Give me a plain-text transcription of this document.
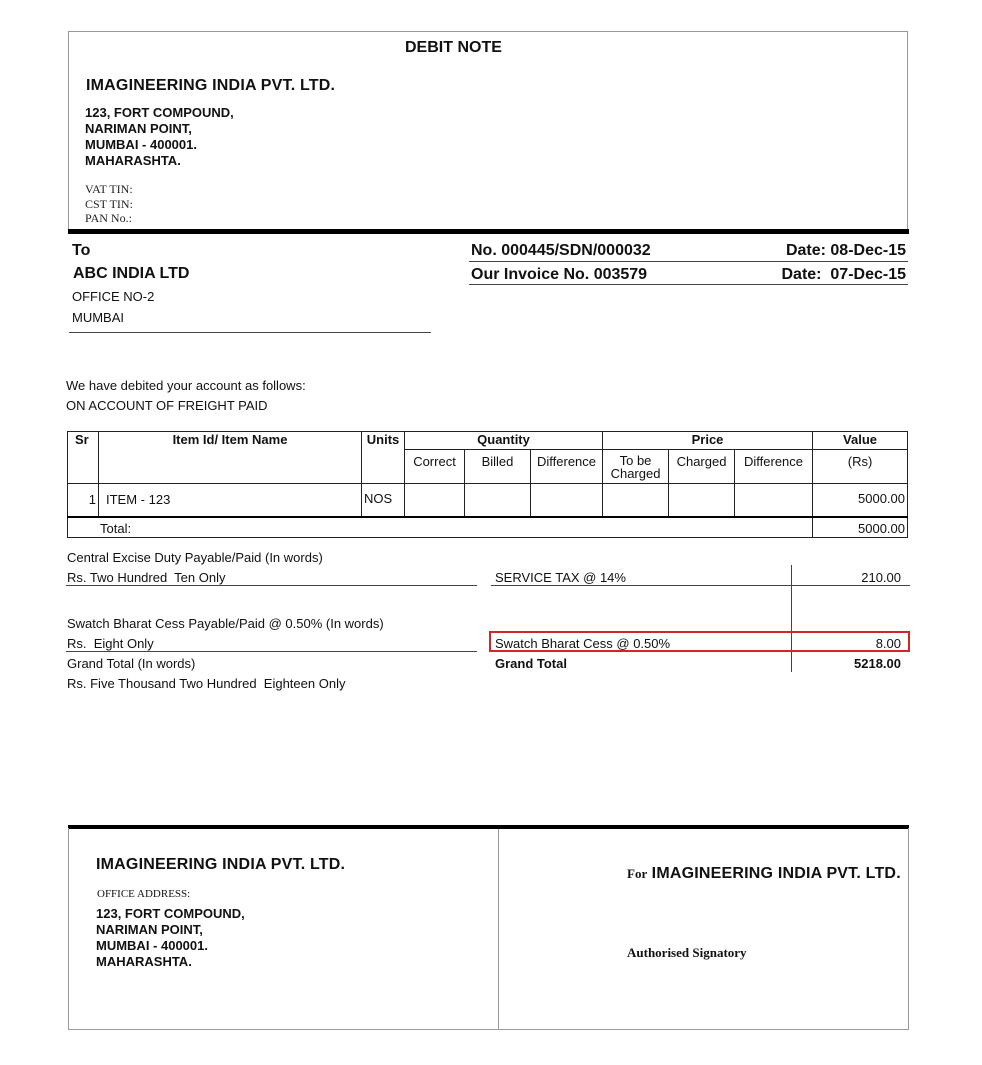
DEBIT NOTE
IMAGINEERING INDIA PVT. LTD.
123, FORT COMPOUND,
NARIMAN POINT,
MUMBAI - 400001.
MAHARASHTA.
VAT TIN:
CST TIN:
PAN No.:
To
ABC INDIA LTD
OFFICE NO-2
MUMBAI
No. 000445/SDN/000032	Date: 08-Dec-15
Our Invoice No. 003579	Date:  07-Dec-15
We have debited your account as follows:
ON ACCOUNT OF FREIGHT PAID
Sr	Item Id/ Item Name	Units	Quantity			Price			Value
			Correct	Billed	Difference	To be Charged	Charged	Difference	(Rs)
1	ITEM - 123	NOS							5000.00
Total:									5000.00
Central Excise Duty Payable/Paid (In words)
Rs. Two Hundred  Ten Only
Swatch Bharat Cess Payable/Paid @ 0.50% (In words)
Rs.  Eight Only
Grand Total (In words)
Rs. Five Thousand Two Hundred  Eighteen Only
SERVICE TAX @ 14%	210.00
Swatch Bharat Cess @ 0.50%	8.00
Grand Total	5218.00
IMAGINEERING INDIA PVT. LTD.
OFFICE ADDRESS:
123, FORT COMPOUND,
NARIMAN POINT,
MUMBAI - 400001.
MAHARASHTA.
For IMAGINEERING INDIA PVT. LTD.
Authorised Signatory
